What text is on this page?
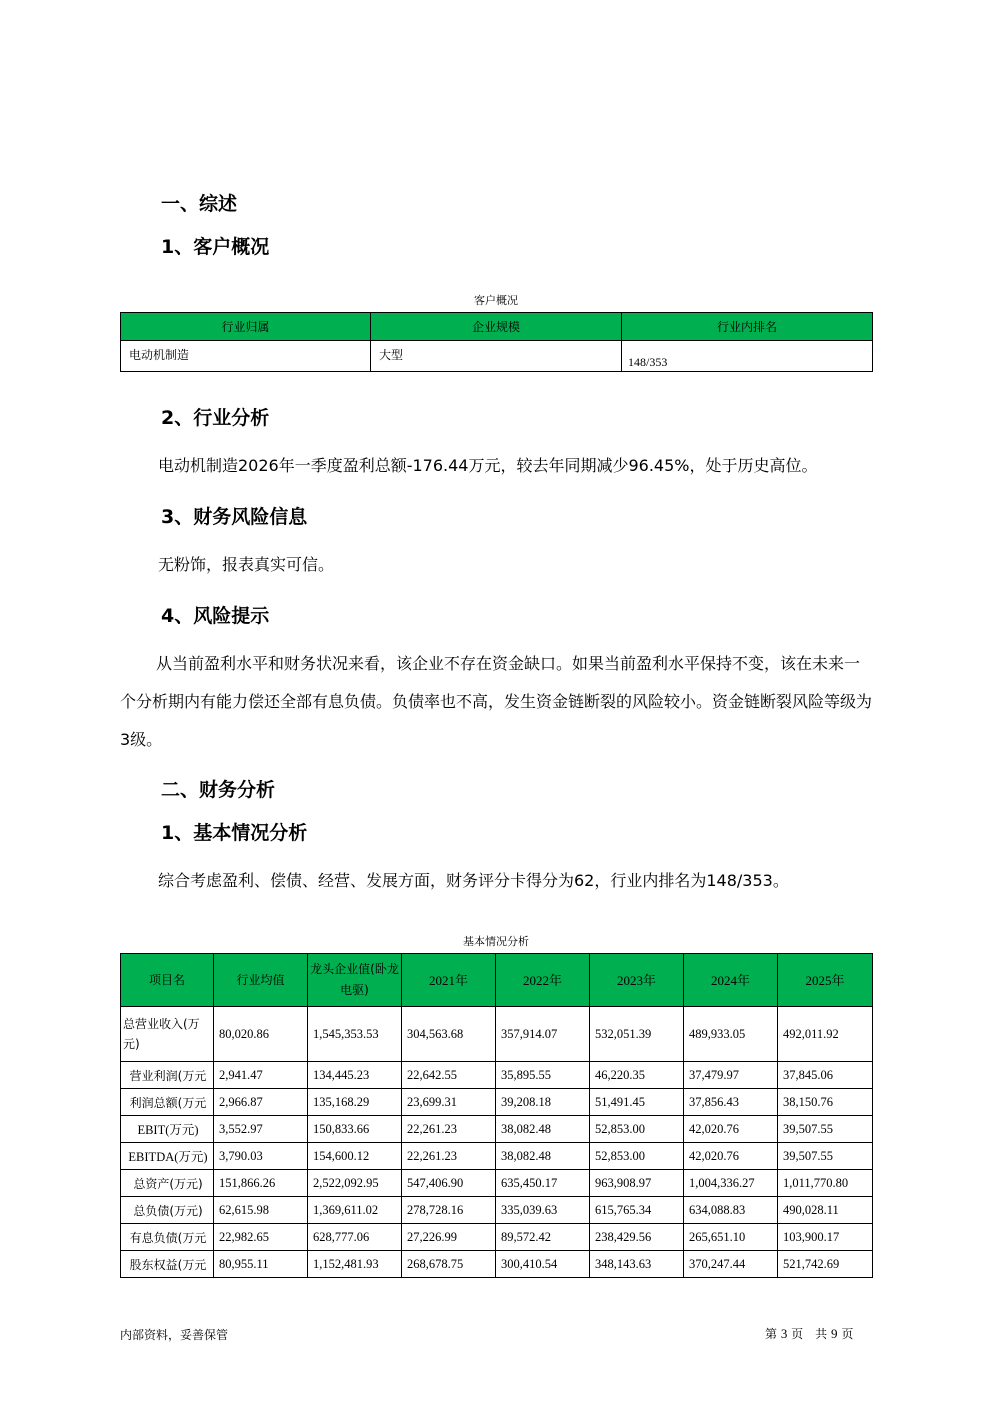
一、综述
1、客户概况
客户概况
行业归属	企业规模	行业内排名
电动机制造	大型	148/353
2、行业分析

电动机制造2026年一季度盈利总额-176.44万元，较去年同期减少96.45%，处于历史高位。

3、财务风险信息

无粉饰，报表真实可信。

4、风险提示

从当前盈利水平和财务状况来看，该企业不存在资金缺口。如果当前盈利水平保持不变，该在未来一个分析期内有能力偿还全部有息负债。负债率也不高，发生资金链断裂的风险较小。资金链断裂风险等级为3级。

二、财务分析
1、基本情况分析

综合考虑盈利、偿债、经营、发展方面，财务评分卡得分为62，行业内排名为148/353。

基本情况分析
项目名	行业均值	龙头企业值(卧龙电驱)	2021年	2022年	2023年	2024年	2025年
总营业收入(万元)	80,020.86	1,545,353.53	304,563.68	357,914.07	532,051.39	489,933.05	492,011.92
营业利润(万元	2,941.47	134,445.23	22,642.55	35,895.55	46,220.35	37,479.97	37,845.06
利润总额(万元	2,966.87	135,168.29	23,699.31	39,208.18	51,491.45	37,856.43	38,150.76
EBIT(万元)	3,552.97	150,833.66	22,261.23	38,082.48	52,853.00	42,020.76	39,507.55
EBITDA(万元)	3,790.03	154,600.12	22,261.23	38,082.48	52,853.00	42,020.76	39,507.55
总资产(万元)	151,866.26	2,522,092.95	547,406.90	635,450.17	963,908.97	1,004,336.27	1,011,770.80
总负债(万元)	62,615.98	1,369,611.02	278,728.16	335,039.63	615,765.34	634,088.83	490,028.11
有息负债(万元	22,982.65	628,777.06	27,226.99	89,572.42	238,429.56	265,651.10	103,900.17
股东权益(万元	80,955.11	1,152,481.93	268,678.75	300,410.54	348,143.63	370,247.44	521,742.69
内部资料，妥善保管	第 3 页　共 9 页
